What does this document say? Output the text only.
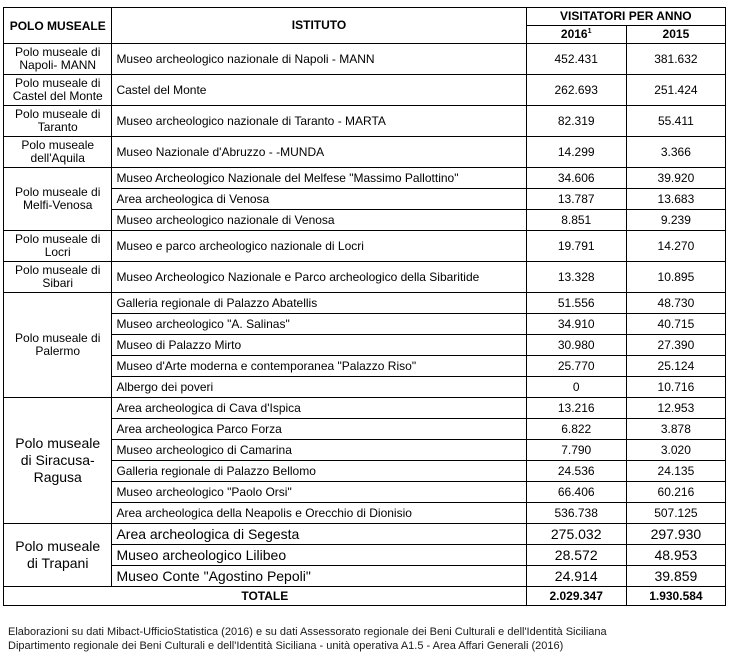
POLO MUSEALE	ISTITUTO	VISITATORI PER ANNO	
		2016$^1$	2015
Polo museale di Napoli- MANN	Museo archeologico nazionale di Napoli - MANN	452.431	381.632
Polo museale di Castel del Monte	Castel del Monte	262.693	251.424
Polo museale di Taranto	Museo archeologico nazionale di Taranto - MARTA	82.319	55.411
Polo museale dell'Aquila	Museo Nazionale d'Abruzzo - -MUNDA	14.299	3.366
Polo museale di Melfi-Venosa	Museo Archeologico Nazionale del Melfese "Massimo Pallottino"	34.606	39.920
	Area archeologica di Venosa	13.787	13.683
	Museo archeologico nazionale di Venosa	8.851	9.239
Polo museale di Locri	Museo e parco archeologico nazionale di Locri	19.791	14.270
Polo museale di Sibari	Museo Archeologico Nazionale e Parco archeologico della Sibaritide	13.328	10.895
Polo museale di Palermo	Galleria regionale di Palazzo Abatellis	51.556	48.730
	Museo archeologico "A. Salinas"	34.910	40.715
	Museo di Palazzo Mirto	30.980	27.390
	Museo d'Arte moderna e contemporanea "Palazzo Riso"	25.770	25.124
	Albergo dei poveri	0	10.716
Polo museale di Siracusa-Ragusa	Area archeologica di Cava d'Ispica	13.216	12.953
	Area archeologica Parco Forza	6.822	3.878
	Museo archeologico di Camarina	7.790	3.020
	Galleria regionale di Palazzo Bellomo	24.536	24.135
	Museo archeologico "Paolo Orsi"	66.406	60.216
	Area archeologica della Neapolis e Orecchio di Dionisio	536.738	507.125
Polo museale di Trapani	Area archeologica di Segesta	275.032	297.930
	Museo archeologico Lilibeo	28.572	48.953
	Museo Conte "Agostino Pepoli"	24.914	39.859
TOTALE		2.029.347	1.930.584
Elaborazioni su dati Mibact-UfficioStatistica (2016) e su dati Assessorato regionale dei Beni Culturali e dell'Identità Siciliana
Dipartimento regionale dei Beni Culturali e dell'Identità Siciliana - unità operativa A1.5 - Area Affari Generali (2016)
